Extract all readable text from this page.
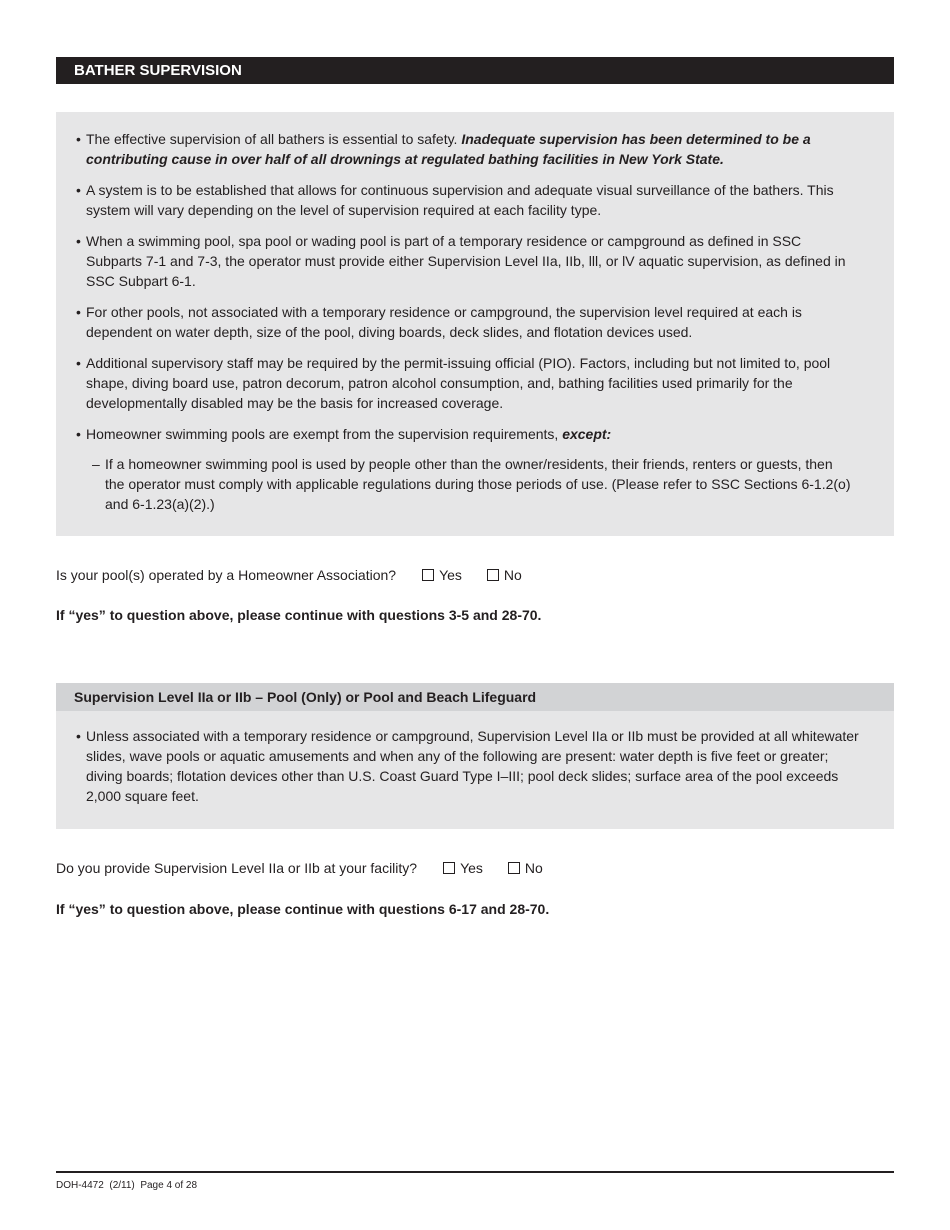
BATHER SUPERVISION
• The effective supervision of all bathers is essential to safety. Inadequate supervision has been determined to be a contributing cause in over half of all drownings at regulated bathing facilities in New York State.
• A system is to be established that allows for continuous supervision and adequate visual surveillance of the bathers. This system will vary depending on the level of supervision required at each facility type.
• When a swimming pool, spa pool or wading pool is part of a temporary residence or campground as defined in SSC Subparts 7-1 and 7-3, the operator must provide either Supervision Level IIa, IIb, lll, or lV aquatic supervision, as defined in SSC Subpart 6-1.
• For other pools, not associated with a temporary residence or campground, the supervision level required at each is dependent on water depth, size of the pool, diving boards, deck slides, and flotation devices used.
• Additional supervisory staff may be required by the permit-issuing official (PIO). Factors, including but not limited to, pool shape, diving board use, patron decorum, patron alcohol consumption, and, bathing facilities used primarily for the developmentally disabled may be the basis for increased coverage.
• Homeowner swimming pools are exempt from the supervision requirements, except:
– If a homeowner swimming pool is used by people other than the owner/residents, their friends, renters or guests, then the operator must comply with applicable regulations during those periods of use. (Please refer to SSC Sections 6-1.2(o) and 6-1.23(a)(2).)
Is your pool(s) operated by a Homeowner Association?	Yes	No
If “yes” to question above, please continue with questions 3-5 and 28-70.
Supervision Level IIa or IIb – Pool (Only) or Pool and Beach Lifeguard
• Unless associated with a temporary residence or campground, Supervision Level IIa or IIb must be provided at all whitewater slides, wave pools or aquatic amusements and when any of the following are present: water depth is five feet or greater; diving boards; flotation devices other than U.S. Coast Guard Type I–III; pool deck slides; surface area of the pool exceeds 2,000 square feet.
Do you provide Supervision Level IIa or IIb at your facility?	Yes	No
If “yes” to question above, please continue with questions 6-17 and 28-70.
DOH-4472 (2/11) Page 4 of 28
